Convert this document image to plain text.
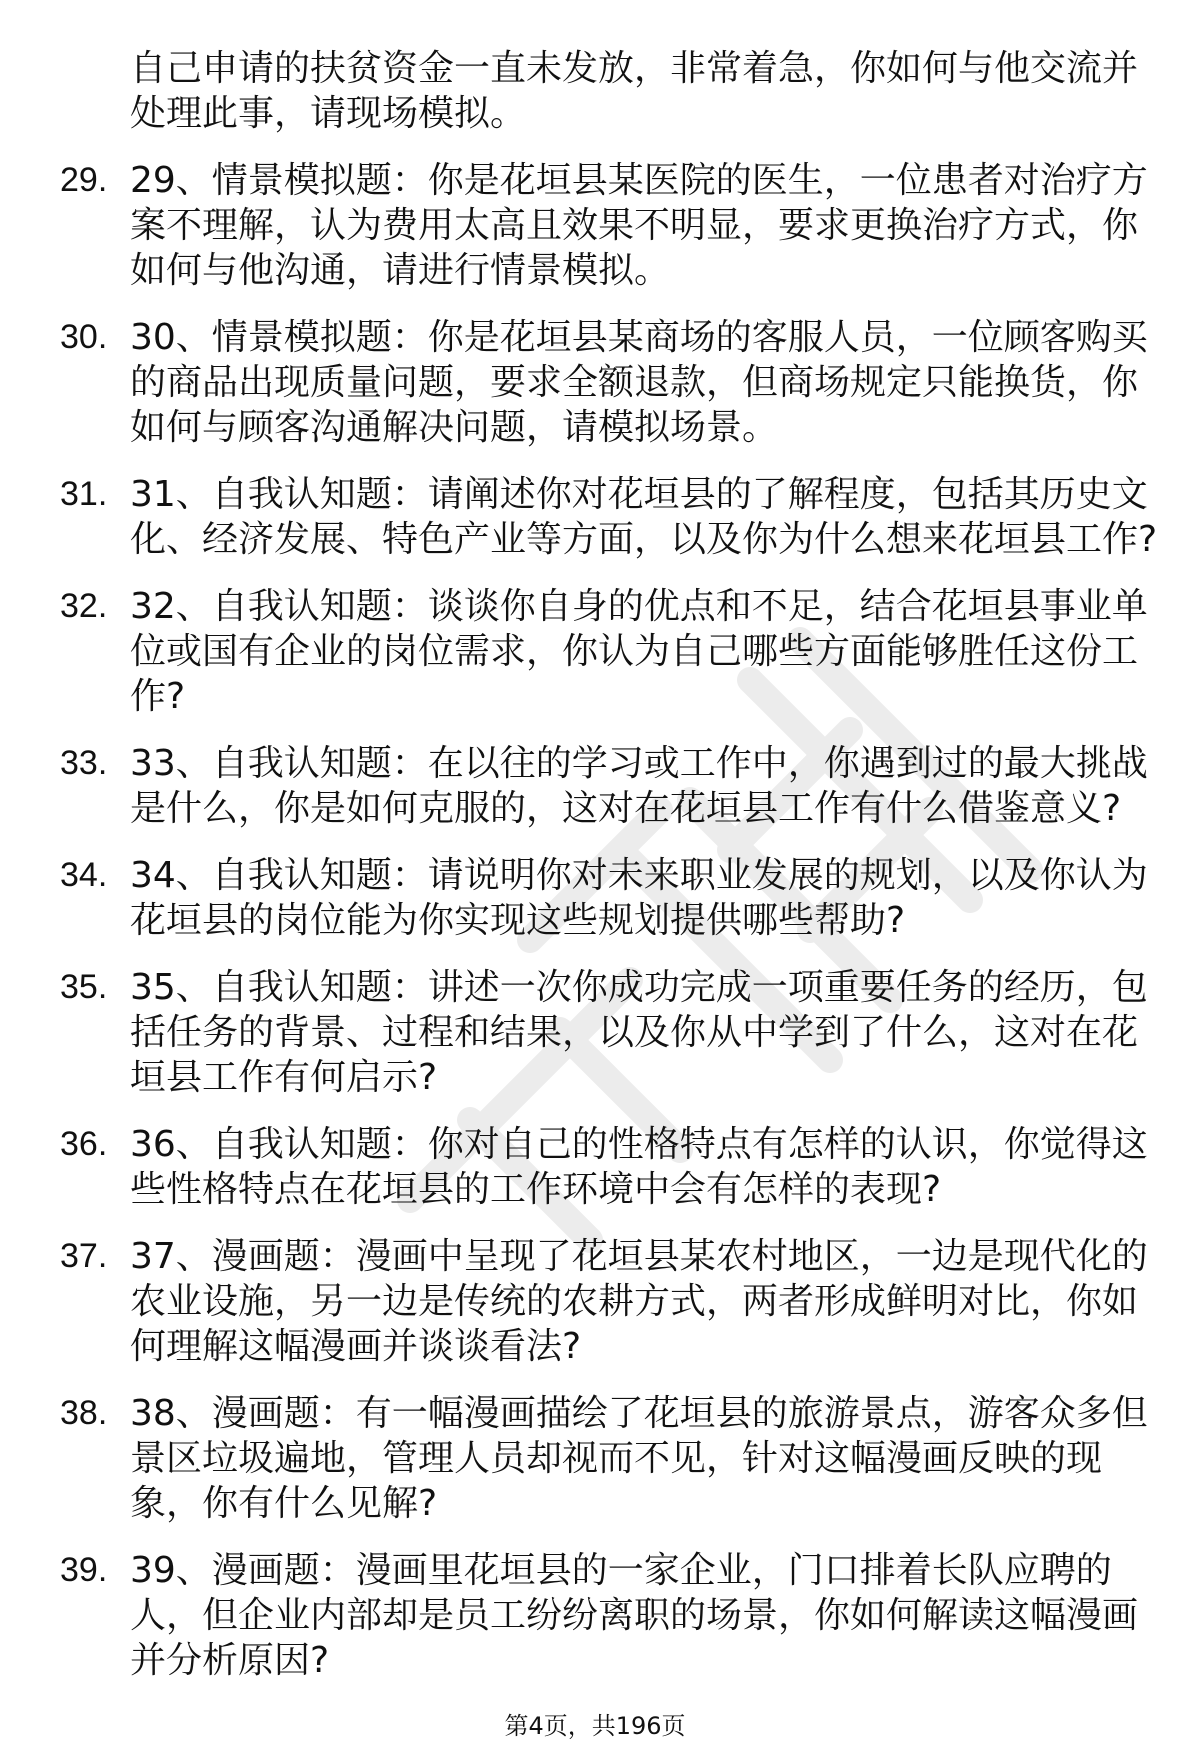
自己申请的扶贫资金一直未发放，非常着急，你如何与他交流并处理此事，请现场模拟。

29. 29、情景模拟题：你是花垣县某医院的医生，一位患者对治疗方案不理解，认为费用太高且效果不明显，要求更换治疗方式，你如何与他沟通，请进行情景模拟。
30. 30、情景模拟题：你是花垣县某商场的客服人员，一位顾客购买的商品出现质量问题，要求全额退款，但商场规定只能换货，你如何与顾客沟通解决问题，请模拟场景。
31. 31、自我认知题：请阐述你对花垣县的了解程度，包括其历史文化、经济发展、特色产业等方面，以及你为什么想来花垣县工作?
32. 32、自我认知题：谈谈你自身的优点和不足，结合花垣县事业单位或国有企业的岗位需求，你认为自己哪些方面能够胜任这份工作?
33. 33、自我认知题：在以往的学习或工作中，你遇到过的最大挑战是什么，你是如何克服的，这对在花垣县工作有什么借鉴意义?
34. 34、自我认知题：请说明你对未来职业发展的规划，以及你认为花垣县的岗位能为你实现这些规划提供哪些帮助?
35. 35、自我认知题：讲述一次你成功完成一项重要任务的经历，包括任务的背景、过程和结果，以及你从中学到了什么，这对在花垣县工作有何启示?
36. 36、自我认知题：你对自己的性格特点有怎样的认识，你觉得这些性格特点在花垣县的工作环境中会有怎样的表现?
37. 37、漫画题：漫画中呈现了花垣县某农村地区，一边是现代化的农业设施，另一边是传统的农耕方式，两者形成鲜明对比，你如何理解这幅漫画并谈谈看法?
38. 38、漫画题：有一幅漫画描绘了花垣县的旅游景点，游客众多但景区垃圾遍地，管理人员却视而不见，针对这幅漫画反映的现象，你有什么见解?
39. 39、漫画题：漫画里花垣县的一家企业，门口排着长队应聘的人，但企业内部却是员工纷纷离职的场景，你如何解读这幅漫画并分析原因?
第4页，共196页
